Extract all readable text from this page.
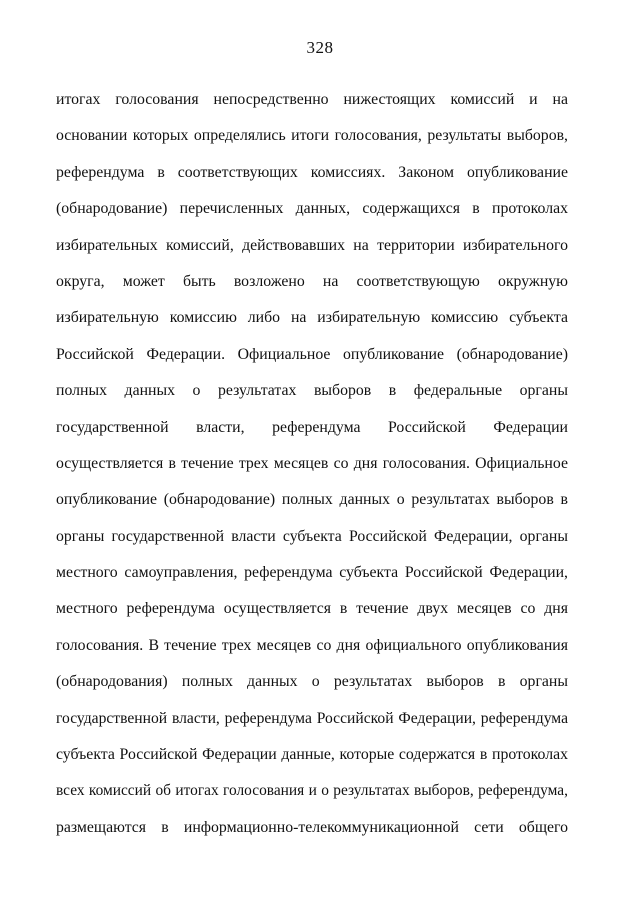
328
итогах голосования непосредственно нижестоящих комиссий и на
основании которых определялись итоги голосования, результаты выборов,
референдума в соответствующих комиссиях. Законом опубликование
(обнародование) перечисленных данных, содержащихся в протоколах
избирательных комиссий, действовавших на территории избирательного
округа, может быть возложено на соответствующую окружную
избирательную комиссию либо на избирательную комиссию субъекта
Российской Федерации. Официальное опубликование (обнародование)
полных данных о результатах выборов в федеральные органы
государственной власти, референдума Российской Федерации
осуществляется в течение трех месяцев со дня голосования. Официальное
опубликование (обнародование) полных данных о результатах выборов в
органы государственной власти субъекта Российской Федерации, органы
местного самоуправления, референдума субъекта Российской Федерации,
местного референдума осуществляется в течение двух месяцев со дня
голосования. В течение трех месяцев со дня официального опубликования
(обнародования) полных данных о результатах выборов в органы
государственной власти, референдума Российской Федерации, референдума
субъекта Российской Федерации данные, которые содержатся в протоколах
всех комиссий об итогах голосования и о результатах выборов, референдума,
размещаются в информационно-телекоммуникационной сети общего
